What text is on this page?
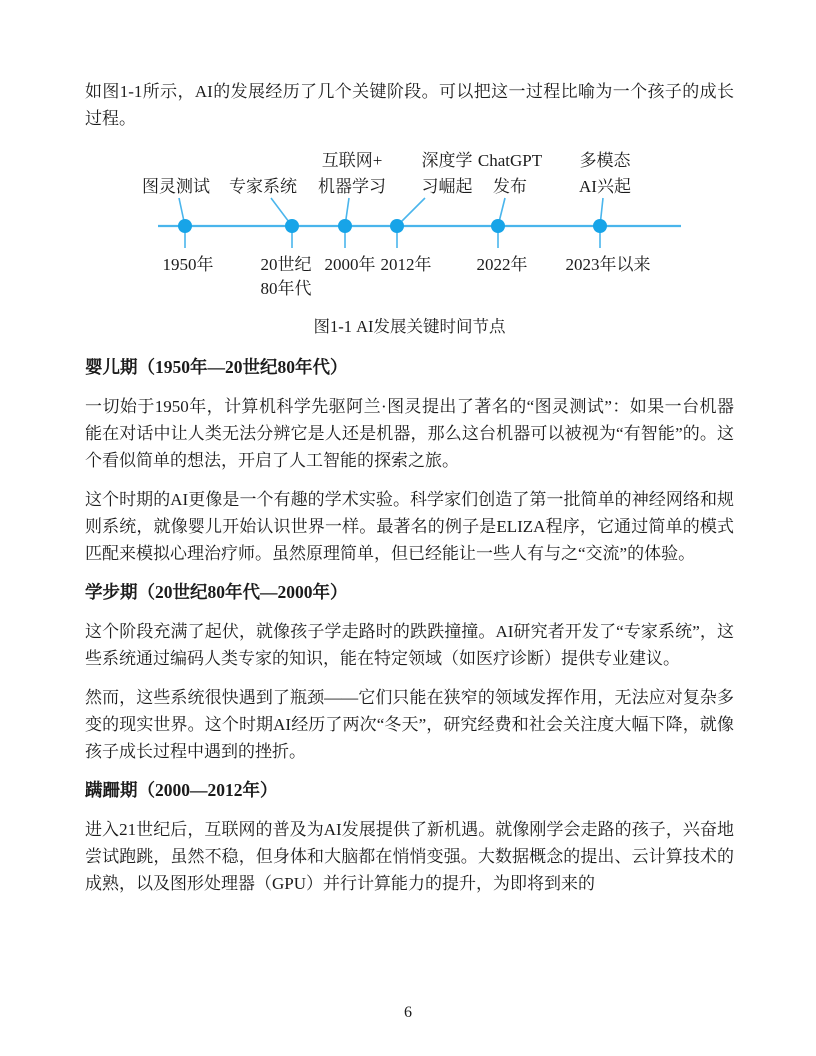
如图1-1所示，AI的发展经历了几个关键阶段。可以把这一过程比喻为一个孩子的成长过程。

图灵测试
1950年
专家系统
20世纪
80年代
互联网+
机器学习
2000年
深度学
习崛起
2012年
ChatGPT
发布
2022年
多模态
AI兴起
2023年以来
图1-1 AI发展关键时间节点
婴儿期（1950年—20世纪80年代）

一切始于1950年，计算机科学先驱阿兰·图灵提出了著名的“图灵测试”：如果一台机器能在对话中让人类无法分辨它是人还是机器，那么这台机器可以被视为“有智能”的。这个看似简单的想法，开启了人工智能的探索之旅。

这个时期的AI更像是一个有趣的学术实验。科学家们创造了第一批简单的神经网络和规则系统，就像婴儿开始认识世界一样。最著名的例子是ELIZA程序，它通过简单的模式匹配来模拟心理治疗师。虽然原理简单，但已经能让一些人有与之“交流”的体验。

学步期（20世纪80年代—2000年）

这个阶段充满了起伏，就像孩子学走路时的跌跌撞撞。AI研究者开发了“专家系统”，这些系统通过编码人类专家的知识，能在特定领域（如医疗诊断）提供专业建议。

然而，这些系统很快遇到了瓶颈——它们只能在狭窄的领域发挥作用，无法应对复杂多变的现实世界。这个时期AI经历了两次“冬天”，研究经费和社会关注度大幅下降，就像孩子成长过程中遇到的挫折。

蹒跚期（2000—2012年）

进入21世纪后，互联网的普及为AI发展提供了新机遇。就像刚学会走路的孩子，兴奋地尝试跑跳，虽然不稳，但身体和大脑都在悄悄变强。大数据概念的提出、云计算技术的成熟，以及图形处理器（GPU）并行计算能力的提升，为即将到来的

6
